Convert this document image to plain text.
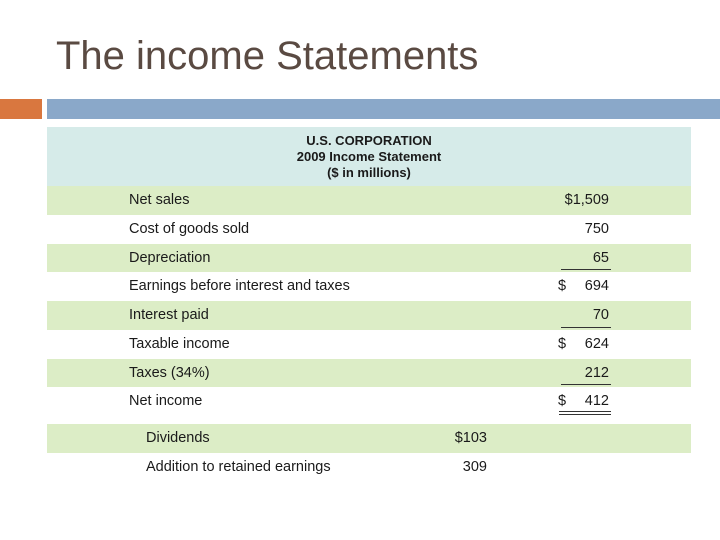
The income Statements
U.S. CORPORATION
2009 Income Statement
($ in millions)
Net sales	$1,509
Cost of goods sold	750
Depreciation	65
Earnings before interest and taxes	$ 694
Interest paid	70
Taxable income	$ 624
Taxes (34%)	212
Net income	$ 412
Dividends	$103
Addition to retained earnings	309
